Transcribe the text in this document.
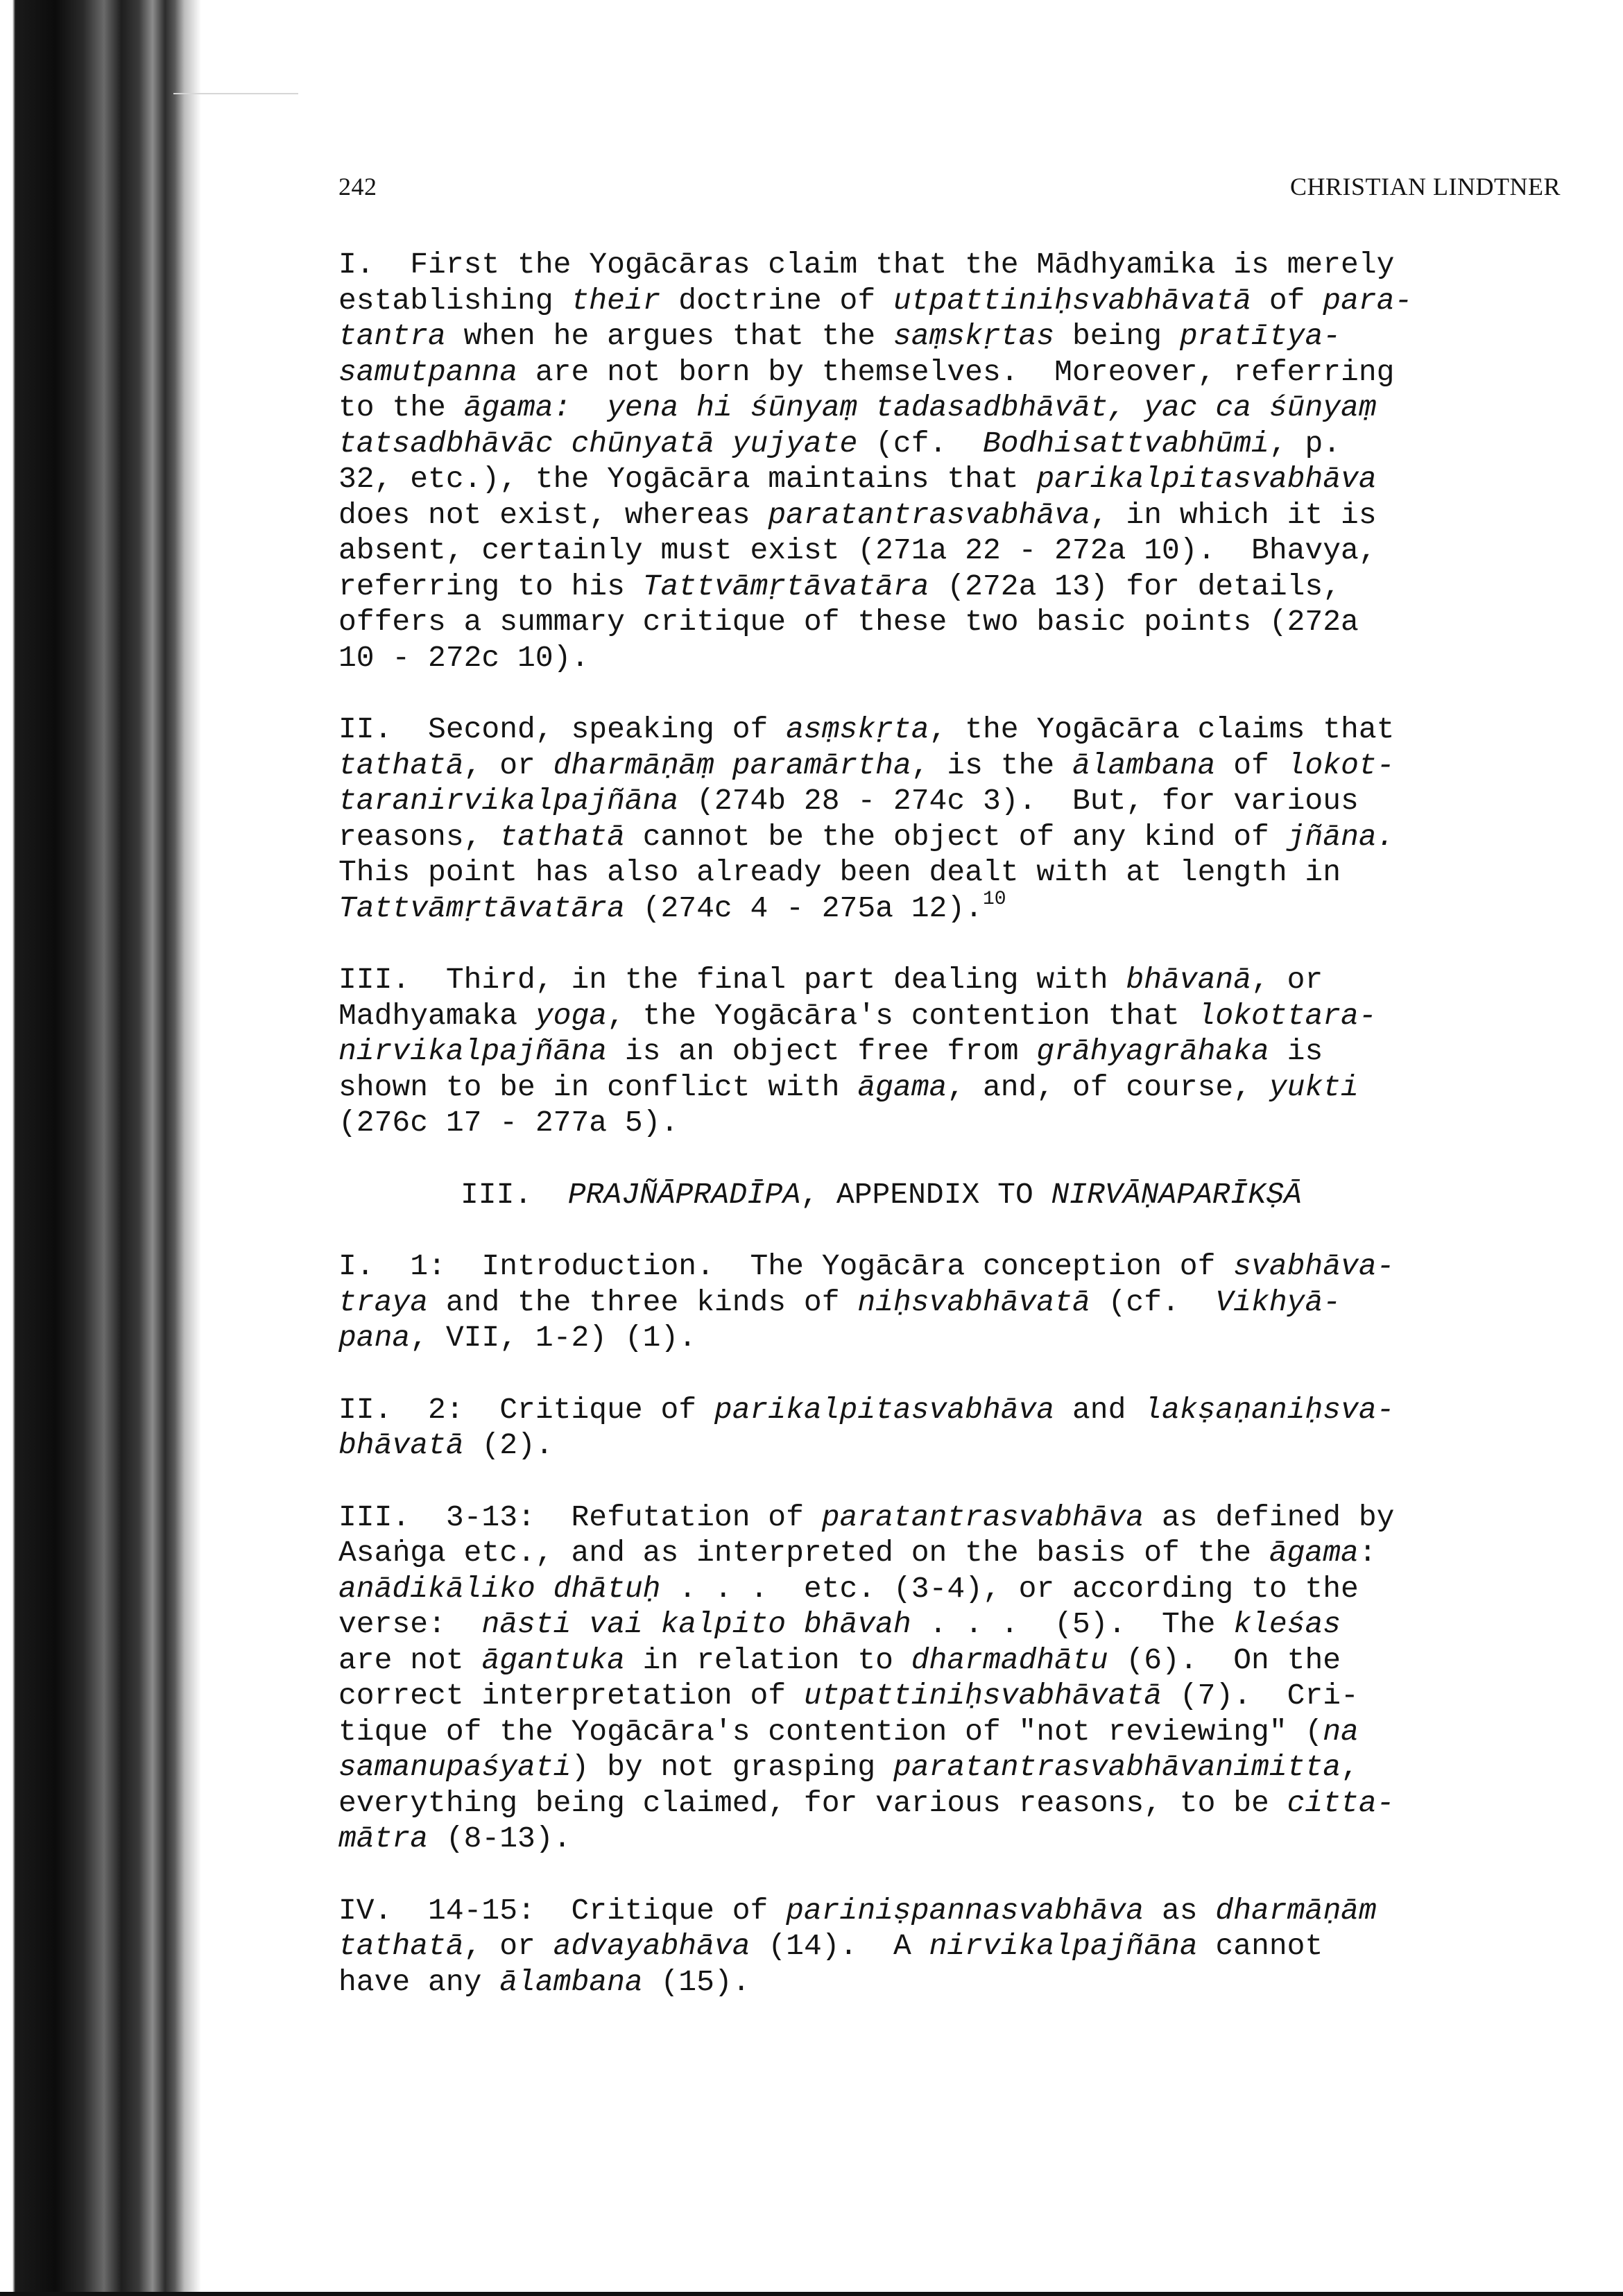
242	CHRISTIAN LINDTNER
I.  First the Yogācāras claim that the Mādhyamika is merely
establishing their doctrine of utpattiniḥsvabhāvatā of para-
tantra when he argues that the saṃskṛtas being pratītya-
samutpanna are not born by themselves.  Moreover, referring
to the āgama:  yena hi śūnyaṃ tadasadbhāvāt, yac ca śūnyaṃ
tatsadbhāvāc chūnyatā yujyate (cf.  Bodhisattvabhūmi, p.
32, etc.), the Yogācāra maintains that parikalpitasvabhāva
does not exist, whereas paratantrasvabhāva, in which it is
absent, certainly must exist (271a 22 - 272a 10).  Bhavya,
referring to his Tattvāmṛtāvatāra (272a 13) for details,
offers a summary critique of these two basic points (272a
10 - 272c 10).
II.  Second, speaking of asṃskṛta, the Yogācāra claims that
tathatā, or dharmāṇāṃ paramārtha, is the ālambana of lokot-
taranirvikalpajñāna (274b 28 - 274c 3).  But, for various
reasons, tathatā cannot be the object of any kind of jñāna.
This point has also already been dealt with at length in
Tattvāmṛtāvatāra (274c 4 - 275a 12).$^{10}$
III.  Third, in the final part dealing with bhāvanā, or
Madhyamaka yoga, the Yogācāra's contention that lokottara-
nirvikalpajñāna is an object free from grāhyagrāhaka is
shown to be in conflict with āgama, and, of course, yukti
(276c 17 - 277a 5).
III.  PRAJÑĀPRADĪPA, APPENDIX TO NIRVĀṆAPARĪKṢĀ
I.  1:  Introduction.  The Yogācāra conception of svabhāva-
traya and the three kinds of niḥsvabhāvatā (cf.  Vikhyā-
pana, VII, 1-2) (1).
II.  2:  Critique of parikalpitasvabhāva and lakṣaṇaniḥsva-
bhāvatā (2).
III.  3-13:  Refutation of paratantrasvabhāva as defined by
Asaṅga etc., and as interpreted on the basis of the āgama:
anādikāliko dhātuḥ . . .  etc. (3-4), or according to the
verse:  nāsti vai kalpito bhāvah . . .  (5).  The kleśas
are not āgantuka in relation to dharmadhātu (6).  On the
correct interpretation of utpattiniḥsvabhāvatā (7).  Cri-
tique of the Yogācāra's contention of "not reviewing" (na
samanupaśyati) by not grasping paratantrasvabhāvanimitta,
everything being claimed, for various reasons, to be citta-
mātra (8-13).
IV.  14-15:  Critique of pariniṣpannasvabhāva as dharmāṇām
tathatā, or advayabhāva (14).  A nirvikalpajñāna cannot
have any ālambana (15).
